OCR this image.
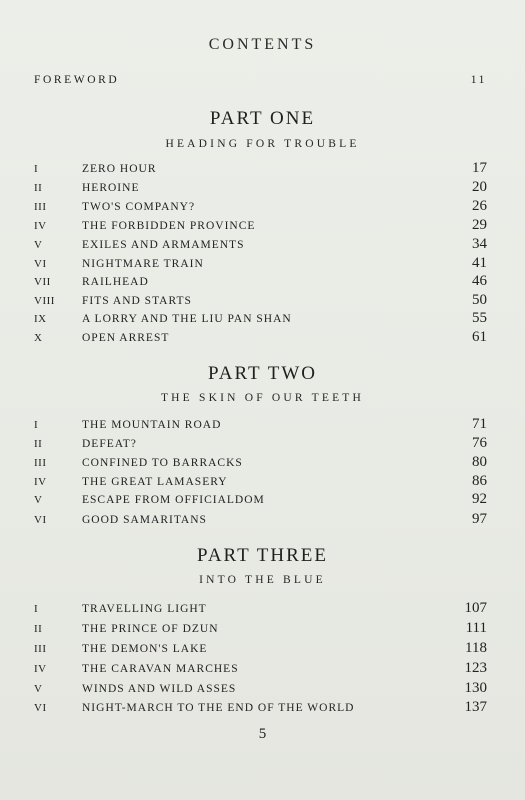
CONTENTS
FOREWORD	11
PART ONE
HEADING FOR TROUBLE
I	ZERO HOUR	17
II	HEROINE	20
III	TWO'S COMPANY?	26
IV	THE FORBIDDEN PROVINCE	29
V	EXILES AND ARMAMENTS	34
VI	NIGHTMARE TRAIN	41
VII	RAILHEAD	46
VIII	FITS AND STARTS	50
IX	A LORRY AND THE LIU PAN SHAN	55
X	OPEN ARREST	61
PART TWO
THE SKIN OF OUR TEETH
I	THE MOUNTAIN ROAD	71
II	DEFEAT?	76
III	CONFINED TO BARRACKS	80
IV	THE GREAT LAMASERY	86
V	ESCAPE FROM OFFICIALDOM	92
VI	GOOD SAMARITANS	97
PART THREE
INTO THE BLUE
I	TRAVELLING LIGHT	107
II	THE PRINCE OF DZUN	111
III	THE DEMON'S LAKE	118
IV	THE CARAVAN MARCHES	123
V	WINDS AND WILD ASSES	130
VI	NIGHT-MARCH TO THE END OF THE WORLD	137
5
